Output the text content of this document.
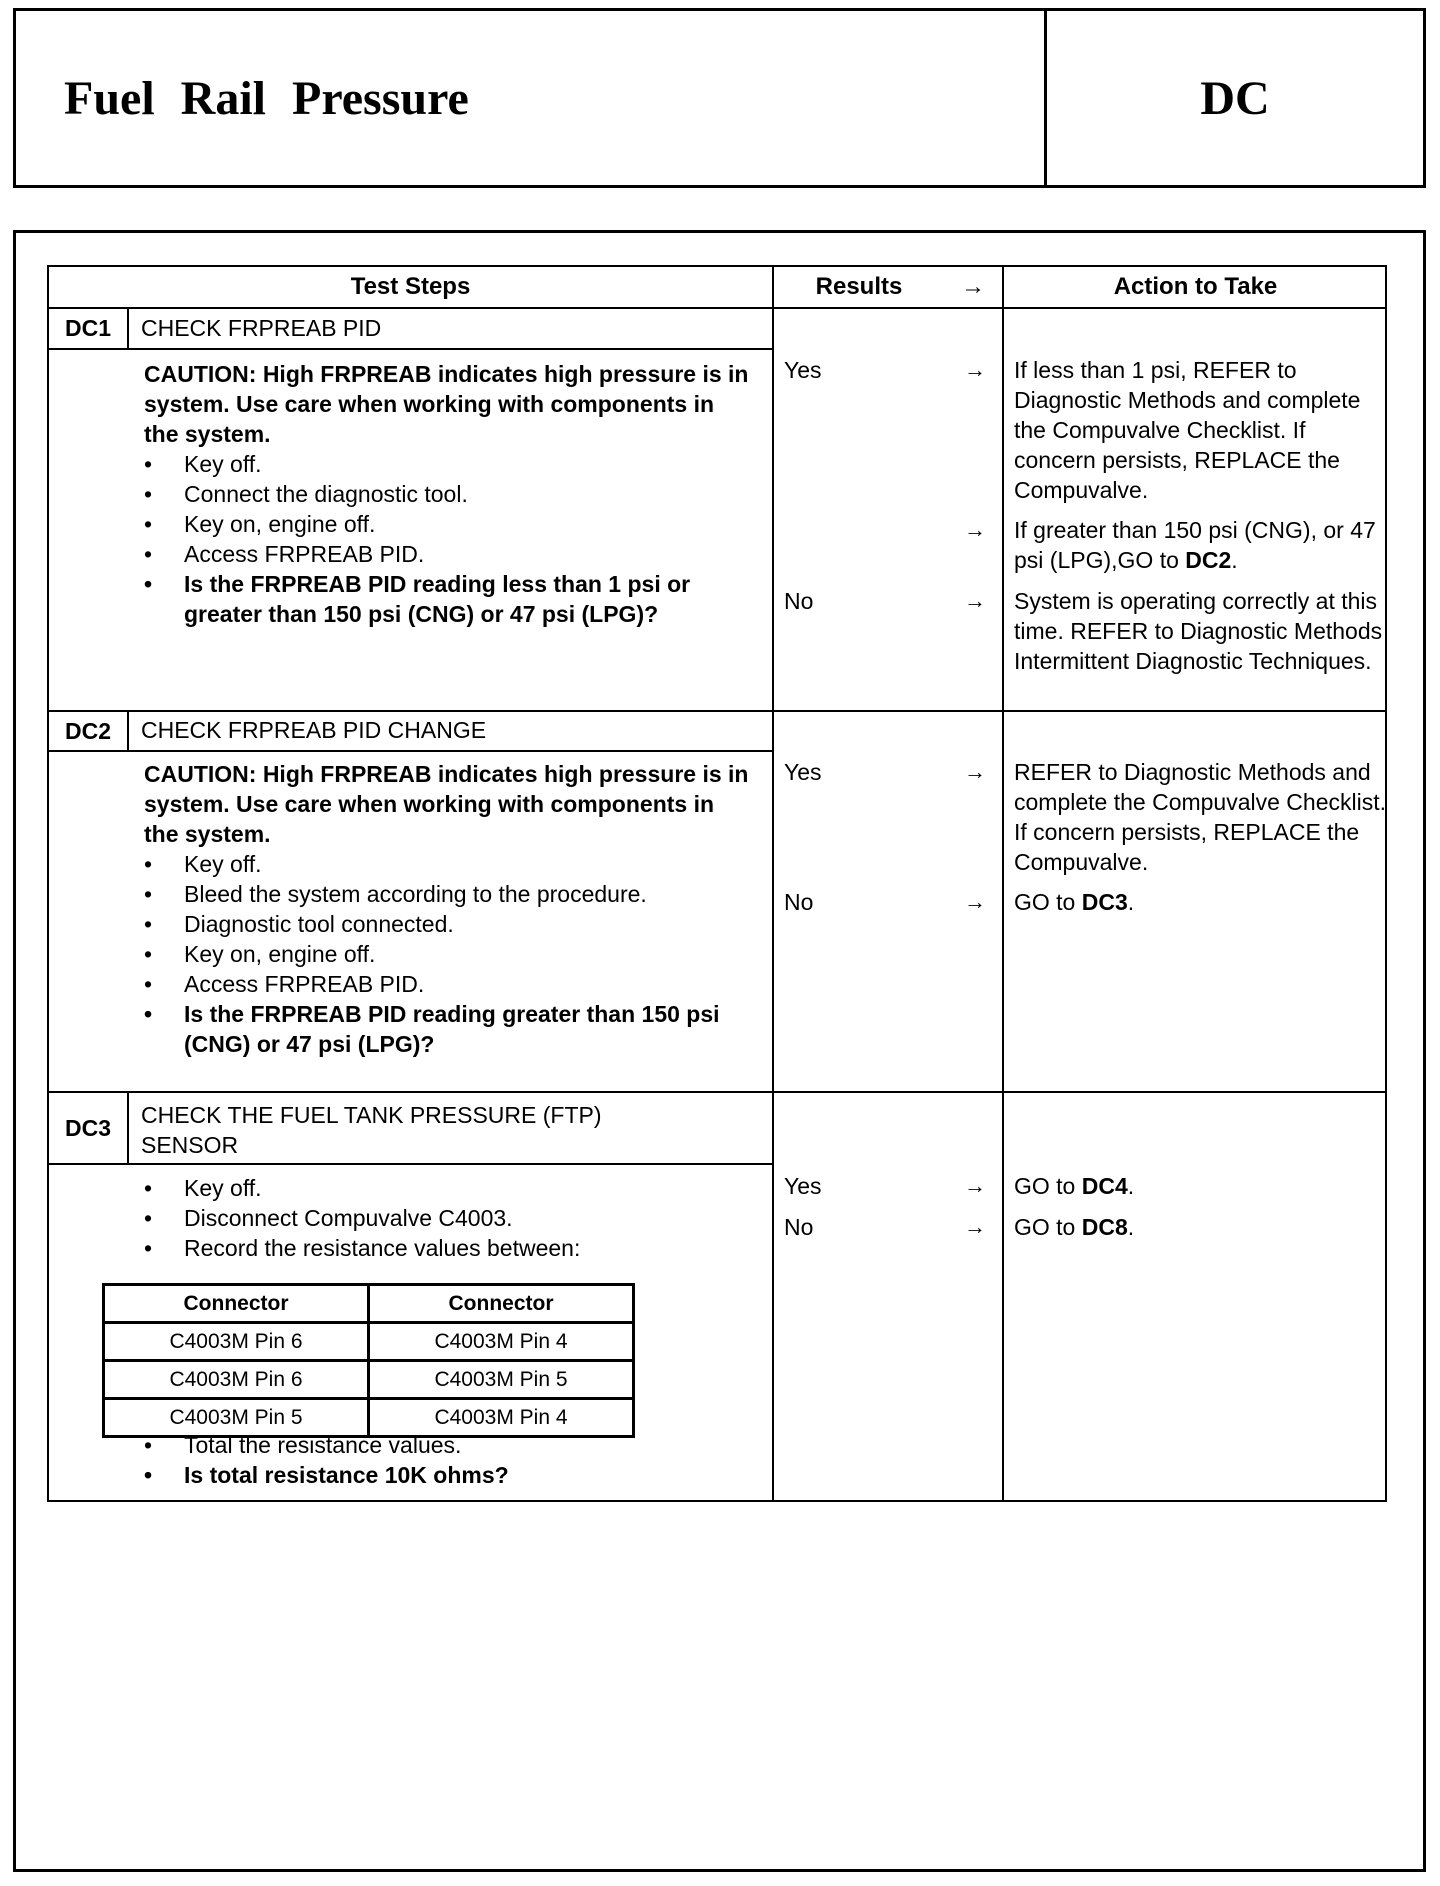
Fuel Rail Pressure	DC
Test Steps	Results	→	Action to Take
DC1	CHECK FRPREAB PID
CAUTION: High FRPREAB indicates high pressure is in system. Use care when working with components in the system.
• Key off.
• Connect the diagnostic tool.
• Key on, engine off.
• Access FRPREAB PID.
• Is the FRPREAB PID reading less than 1 psi or greater than 150 psi (CNG) or 47 psi (LPG)?
Yes	→ If less than 1 psi, REFER to Diagnostic Methods and complete the Compuvalve Checklist. If concern persists, REPLACE the Compuvalve.
→ If greater than 150 psi (CNG), or 47 psi (LPG),GO to DC2.
No	→ System is operating correctly at this time. REFER to Diagnostic Methods Intermittent Diagnostic Techniques.
DC2	CHECK FRPREAB PID CHANGE
CAUTION: High FRPREAB indicates high pressure is in system. Use care when working with components in the system.
• Key off.
• Bleed the system according to the procedure.
• Diagnostic tool connected.
• Key on, engine off.
• Access FRPREAB PID.
• Is the FRPREAB PID reading greater than 150 psi (CNG) or 47 psi (LPG)?
Yes	→ REFER to Diagnostic Methods and complete the Compuvalve Checklist. If concern persists, REPLACE the Compuvalve.
No	→ GO to DC3.
DC3	CHECK THE FUEL TANK PRESSURE (FTP) SENSOR
• Key off.
• Disconnect Compuvalve C4003.
• Record the resistance values between:
Connector	Connector
C4003M Pin 6	C4003M Pin 4
C4003M Pin 6	C4003M Pin 5
C4003M Pin 5	C4003M Pin 4
• Total the resistance values.
• Is total resistance 10K ohms?
Yes	→ GO to DC4.
No	→ GO to DC8.
